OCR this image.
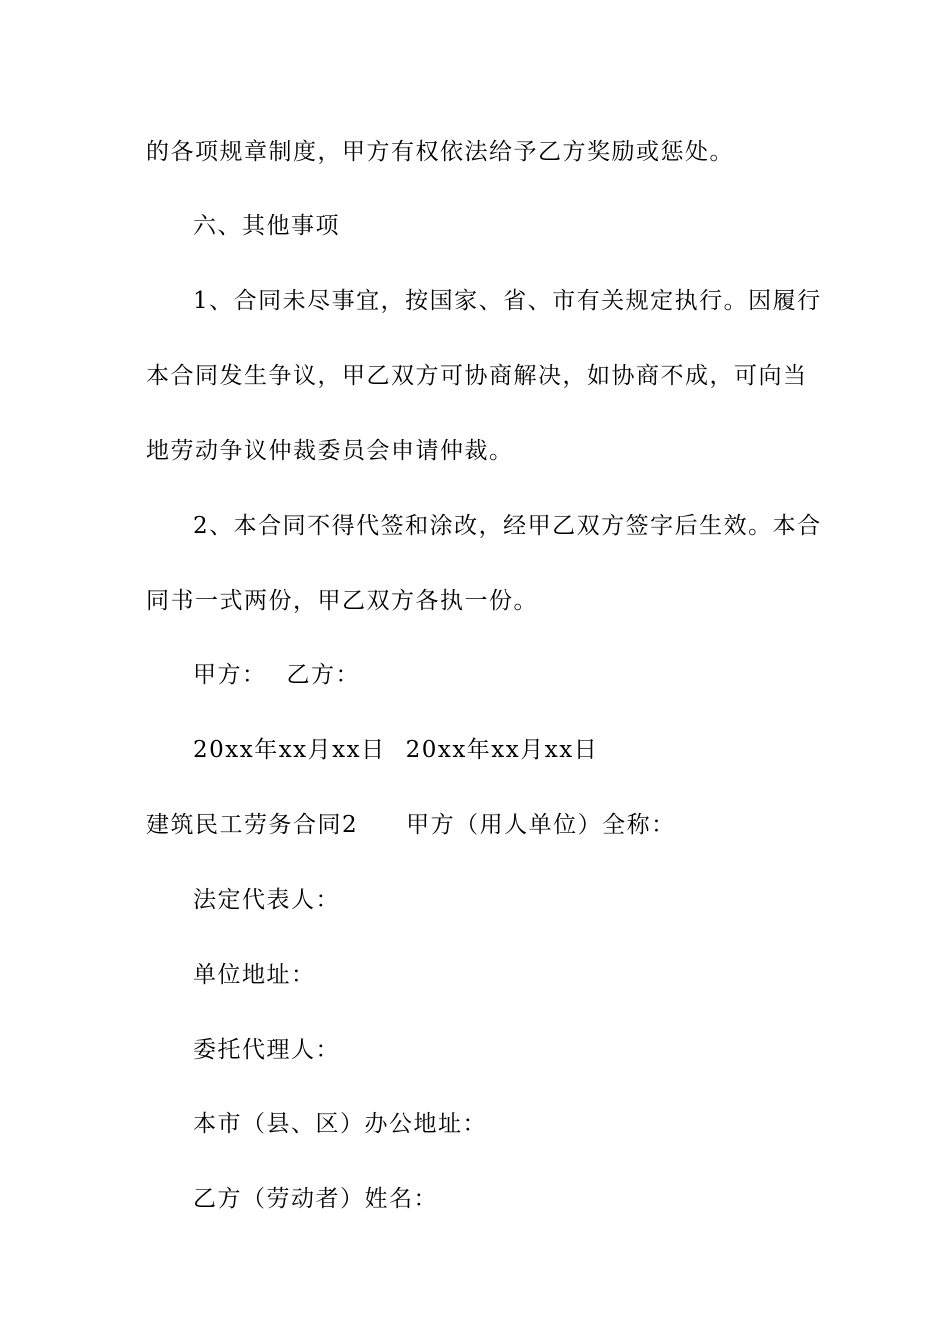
的各项规章制度，甲方有权依法给予乙方奖励或惩处。
六、其他事项
1、合同未尽事宜，按国家、省、市有关规定执行。因履行
本合同发生争议，甲乙双方可协商解决，如协商不成，可向当
地劳动争议仲裁委员会申请仲裁。
2、本合同不得代签和涂改，经甲乙双方签字后生效。本合
同书一式两份，甲乙双方各执一份。
甲方： 乙方：
20xx年xx月xx日 20xx年xx月xx日
建筑民工劳务合同2 甲方（用人单位）全称：
法定代表人：
单位地址：
委托代理人：
本市（县、区）办公地址：
乙方（劳动者）姓名：
